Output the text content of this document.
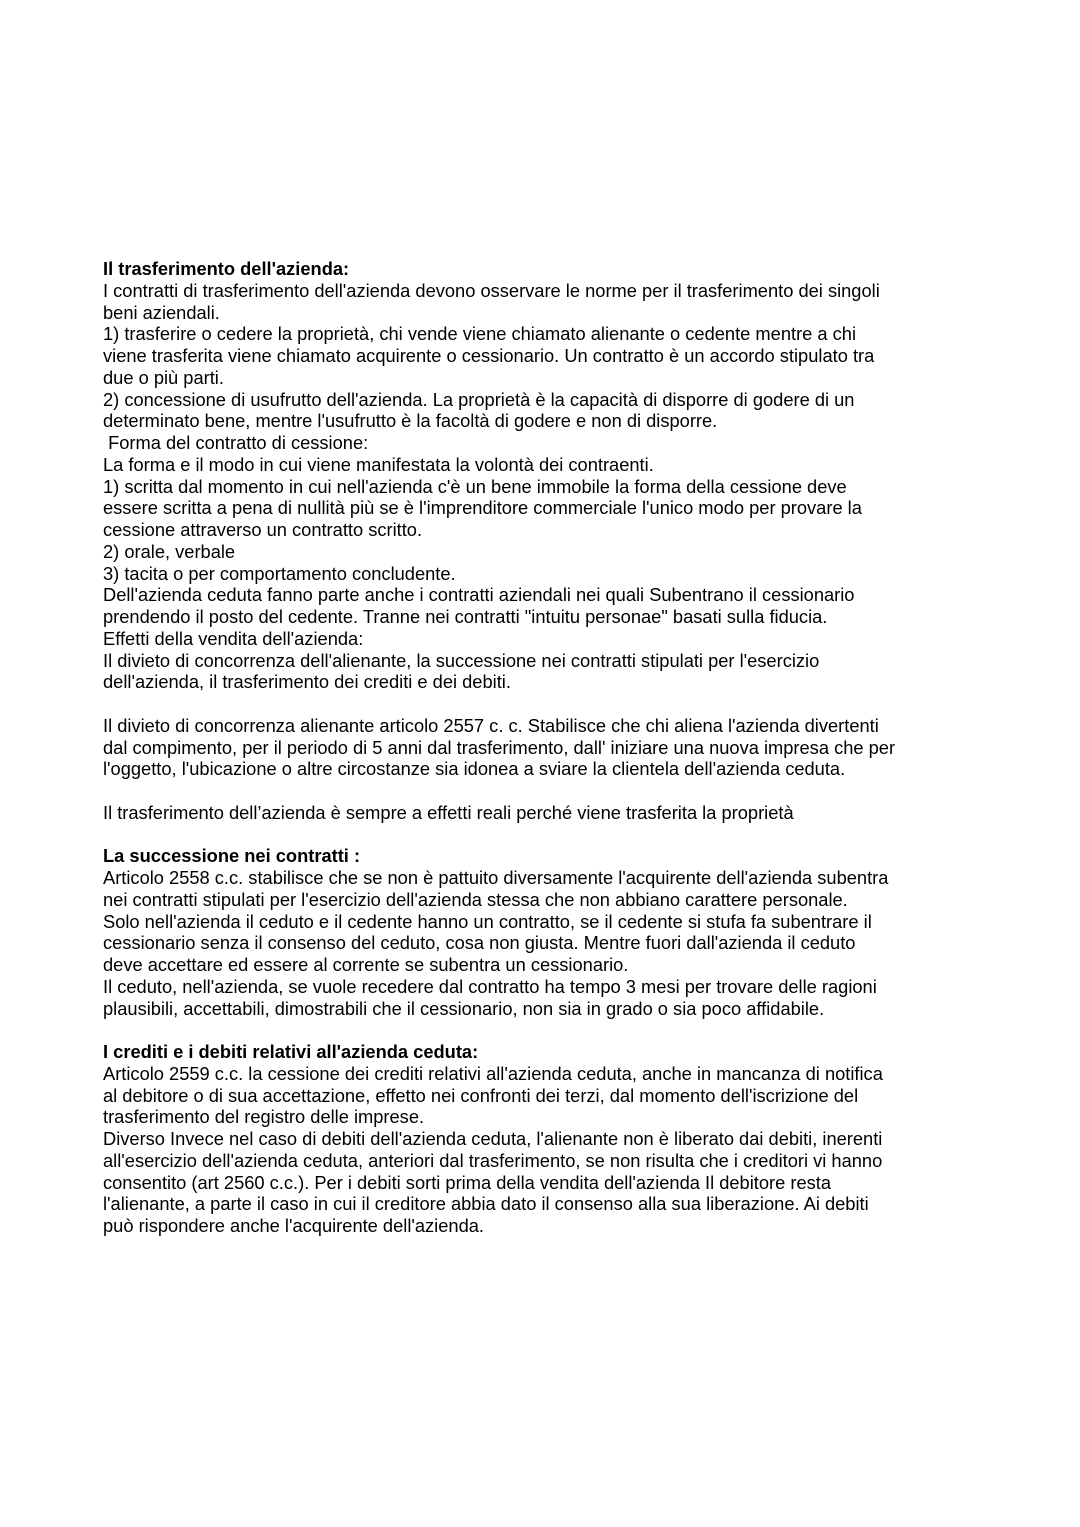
Il trasferimento dell'azienda:
I contratti di trasferimento dell'azienda devono osservare le norme per il trasferimento dei singoli
beni aziendali.
1) trasferire o cedere la proprietà, chi vende viene chiamato alienante o cedente mentre a chi
viene trasferita viene chiamato acquirente o cessionario. Un contratto è un accordo stipulato tra
due o più parti.
2) concessione di usufrutto dell'azienda. La proprietà è la capacità di disporre di godere di un
determinato bene, mentre l'usufrutto è la facoltà di godere e non di disporre.
Forma del contratto di cessione:
La forma e il modo in cui viene manifestata la volontà dei contraenti.
1) scritta dal momento in cui nell'azienda c'è un bene immobile la forma della cessione deve
essere scritta a pena di nullità più se è l'imprenditore commerciale l'unico modo per provare la
cessione attraverso un contratto scritto.
2) orale, verbale
3) tacita o per comportamento concludente.
Dell'azienda ceduta fanno parte anche i contratti aziendali nei quali Subentrano il cessionario
prendendo il posto del cedente. Tranne nei contratti "intuitu personae" basati sulla fiducia.
Effetti della vendita dell'azienda:
Il divieto di concorrenza dell'alienante, la successione nei contratti stipulati per l'esercizio
dell'azienda, il trasferimento dei crediti e dei debiti.
Il divieto di concorrenza alienante articolo 2557 c. c. Stabilisce che chi aliena l'azienda divertenti
dal compimento, per il periodo di 5 anni dal trasferimento, dall' iniziare una nuova impresa che per
l'oggetto, l'ubicazione o altre circostanze sia idonea a sviare la clientela dell'azienda ceduta.
Il trasferimento dell’azienda è sempre a effetti reali perché viene trasferita la proprietà
La successione nei contratti :
Articolo 2558 c.c. stabilisce che se non è pattuito diversamente l'acquirente dell'azienda subentra
nei contratti stipulati per l'esercizio dell'azienda stessa che non abbiano carattere personale.
Solo nell'azienda il ceduto e il cedente hanno un contratto, se il cedente si stufa fa subentrare il
cessionario senza il consenso del ceduto, cosa non giusta. Mentre fuori dall'azienda il ceduto
deve accettare ed essere al corrente se subentra un cessionario.
Il ceduto, nell'azienda, se vuole recedere dal contratto ha tempo 3 mesi per trovare delle ragioni
plausibili, accettabili, dimostrabili che il cessionario, non sia in grado o sia poco affidabile.
I crediti e i debiti relativi all'azienda ceduta:
Articolo 2559 c.c. la cessione dei crediti relativi all'azienda ceduta, anche in mancanza di notifica
al debitore o di sua accettazione, effetto nei confronti dei terzi, dal momento dell'iscrizione del
trasferimento del registro delle imprese.
Diverso Invece nel caso di debiti dell'azienda ceduta, l'alienante non è liberato dai debiti, inerenti
all'esercizio dell'azienda ceduta, anteriori dal trasferimento, se non risulta che i creditori vi hanno
consentito (art 2560 c.c.). Per i debiti sorti prima della vendita dell'azienda Il debitore resta
l'alienante, a parte il caso in cui il creditore abbia dato il consenso alla sua liberazione. Ai debiti
può rispondere anche l'acquirente dell'azienda.
